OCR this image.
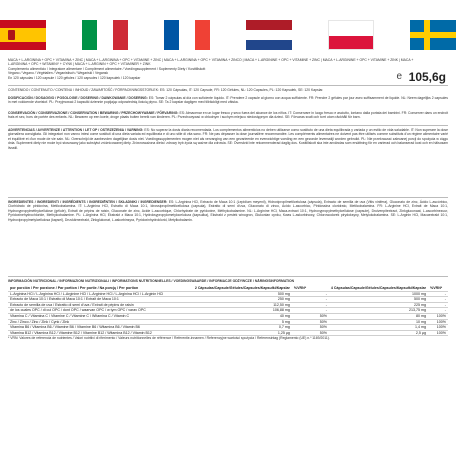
MACA + L-ARGININA + OPC + VITAMINA + ZINC | MACA + L-ARGININA + OPC + VITAMINE + ZINC | MACA + L-ARGININA + OPC + VITAMINA + ZINCO | MACA + L-ARGININE + OPC + VITAMINE + ZINC | MACA + L-ARGININE + OPC + VITAMINE + ZINK | MACA +
L-ARGININA + OPC + WITAMINY + CYNK | MACA + L-ARGININ + OPC + VITAMINER + ZINK
Complemento alimenticio / Integratore alimentare / Complément alimentaire / Voedingssupplement / Suplementy Diety / Kosttillskott
Vegano / Vegano / Végétalien / Veganistisch / Wegański / Vegansk
En 120 cápsulas / 120 capsule / 120 gélules / 120 capsules / 120 kapsułek / 120 kapslar	e 105,6g
CONTENIDO / CONTENUTO / CONTENU / INHOUD / ZAWARTOŚĆ / FÖRPACKNINGSSTORLEK: ES: 120 Cápsulas, IT: 120 Capsule, FR: 120 Gélules, NL: 120 Capsules, PL: 120 Kapsułek, SE: 120 Kapslar.
DOSIFICACIÓN / DOSAGGIO / POSOLOGIE / DOSERING / DAWKOWANIE / DOSERING: ES: Tomar 2 cápsulas al día con suficiente líquido. IT: Prendere 2 capsule al giorno con acqua sufficiente. FR: Prendre 2 gélules par jour avec suffisamment de liquide. NL: Neem dagelijks 2 capsules in met voldoende vloeistof. PL: Przyjmować 2 kapsułki dziennie popijając odpowiednią ilością płynu. SE: Ta 2 kapslar dagligen med tillräckligt med vätska.
CONSERVACIÓN / CONSERVAZIONE / CONSERVATION / BEWARING / PRZECHOWYWANIE / FÖRVARING: ES: Almacenar en un lugar fresco y seco fuera del alcance de los niños. IT: Conservare in luogo fresco e asciutto, lontano dalla portata dei bambini. FR: Conserver dans un endroit frais et sec, hors de portée des enfants. NL: Bewaren op een koele, droge plaats buiten bereik van kinderen. PL: Przechowywać w chłodnym i suchym miejscu niedostępnym dla dzieci. SE: Förvaras svalt och torrt utom räckhåll för barn.
ADVERTENCIAS / AVVERTENZE / ATTENTION / LET OP / OSTRZEŻENIA / VARNING: ES: No superar la dosis diaria recomendada. Los complementos alimenticios no deben utilizarse como sustituto de una dieta equilibrada y variada y un estilo de vida saludable. IT: Non superare la dose giornaliera consigliata. Gli integratori non vanno intesi come sostituti di una dieta variata ed equilibrata e di uno stile di vita sano. FR: Ne pas dépasser la dose journalière recommandée. Les compléments alimentaires ne doivent pas être utilisés comme substituts d'un régime alimentaire varié et équilibré et d'un mode de vie sain. NL: Overschrijd de aanbevolen dagelijkse dosis niet. Voedingssupplementen mogen niet als vervanging van een gevarieerde en evenwichtige voeding en een gezonde levensstijl worden gebruikt. PL: Nie przekraczać zalecanej porcji do spożycia w ciągu dnia. Suplement diety nie może być stosowany jako substytut zróżnicowanej diety. Zrównoważona dieta i zdrowy tryb życia są ważne dla zdrowia. SE: Överskrid inte rekommenderad daglig dos. Kosttillskott ska inte användas som ersättning för en varierad och balanserad kost och en hälsosam livsstil.
INGREDIENTES / INGREDIENTI / INGRÉDIENTS / INGREDIËNTEN / SKŁADNIKI / INGREDIENSER: ES: L-Arginina HCl, Extracto de Maca 10:1 (Lepidium meyenii), Hidroxipropilmetilcelulosa (cápsula), Extracto de semilla de uva (Vitis vinifera), Gluconato de zinc, Ácido L-ascórbico, Clorhidrato de piridoxina, Metilcobalamina. IT: L-Arginina HCl, Estratto di Maca 10:1, Idrossipropilmetilcellulosa (capsula), Estratto di semi d'uva, Gluconato di zinco, Acido L-ascorbico, Piridossina cloridrato, Metilcobalamina. FR: L-Arginine HCl, Extrait de Maca 10:1, Hydroxypropylméthylcellulose (gélule), Extrait de pépins de raisin, Gluconate de zinc, Acide L-ascorbique, Chlorhydrate de pyridoxine, Méthylcobalamine. NL: L-Arginine HCl, Maca-extract 10:1, Hydroxypropylmethylcellulose (capsule), Druivenpitextract, Zinkgluconaat, L-ascorbinezuur, Pyridoxinehydrochloride, Methylcobalamine. PL: L-Arginina HCl, Ekstrakt z Maca 10:1, Hydroksypropylometyloceluloza (kapsułka), Ekstrakt z pestek winogron, Glukonian cynku, Kwas L-askorbinowy, Chlorowodorek pirydoksyny, Metylokobalamina. SE: L-Arginin HCl, Macaextrakt 10:1, Hydroxipropylmetylcellulosa (kapsel), Druvkärnextrakt, Zinkglukonat, L-askorbinsyra, Pyridoxinhydroklorid, Metylkobalamin.
INFORMACIÓN NUTRICIONAL / INFORMAZIONI NUTRIZIONALI / INFORMATIONS NUTRITIONNELLES / VOEDINGSWAARDE / INFORMACJE ODŻYWCZE / NÄRINGSINFORMATION
por porción / Per porzione / Par portion / Per portie / Na porcję / Per portion	2 Cápsulas/Capsule/Gélules/Capsules/Kapsułki/Kapslar	%VRN*	4 Cápsulas/Capsule/Gélules/Capsules/Kapsułki/Kapslar	%VRN*
L-Arginina HCl / L-Arginina HCl / L-Arginine HCl / L-Arginine HCl / L-Arginina HCl / L-Arginin HCl	500 mg	-	1000 mg	-
Extracto de Maca 10:1 / Estratto di Maca 10:1 / Extrait de Maca 10:1	250 mg	-	500 mg	-
Extracto de semilla de uva / Estratto di semi d'uva / Extrait de pépins de raisin	112,50 mg	-	225 mg	-
de los cuales OPC / di cui OPC / dont OPC / waarvan OPC / w tym OPC / varav OPC	106,88 mg	-	213,75 mg	-
Vitamina C / Vitamina C / Vitamine C / Vitamine C / Witamina C / Vitamin C	40 mg	50%	80 mg	100%
Zinc / Zinco / Zinc / Zink / Cynk / Zink	5 mg	50%	10 mg	100%
Vitamina B6 / Vitamina B6 / Vitamine B6 / Vitamine B6 / Witamina B6 / Vitamin B6	0,7 mg	50%	1,4 mg	100%
Vitamina B12 / Vitamina B12 / Vitamine B12 / Vitamine B12 / Witamina B12 / Vitamin B12	1,25 µg	50%	2,5 µg	100%
* VRN: Valores de referencia de nutrientes / Valori nutritivi di riferimento / Valeurs nutritionnelles de référence / Referentie-innamen / Referencyjne wartości spożycia / Referensintag (Reglamento (UE) n.º 1169/2011).
